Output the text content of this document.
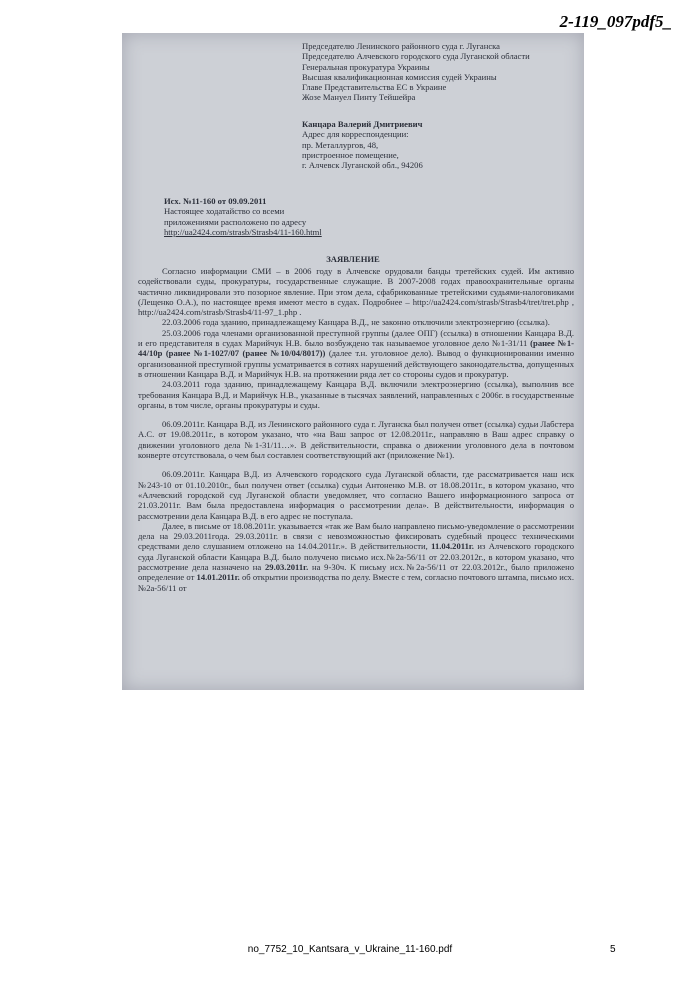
2-119_097pdf5_
Председателю Ленинского районного суда г. Луганска
Председателю Алчевского городского суда Луганской области
Генеральная прокуратура Украины
Высшая квалификационная комиссия судей Украины
Главе Представительства ЕС в Украине
Жозе Мануел Пинту Тейшейра
Канцара Валерий Дмитриевич
Адрес для корреспонденции:
пр. Металлургов, 48,
пристроенное помещение,
г. Алчевск Луганской обл., 94206
Исх. №11-160 от 09.09.2011
Настоящее ходатайство со всеми
приложениями расположено по адресу
http://ua2424.com/strasb/Strasb4/11-160.html
ЗАЯВЛЕНИЕ

Согласно информации СМИ – в 2006 году в Алчевске орудовали банды третейских судей. Им активно содействовали суды, прокуратуры, государственные служащие. В 2007-2008 годах правоохранительные органы частично ликвидировали это позорное явление. При этом дела, сфабрикованные третейскими судьями-налоговиками (Лещенко О.А.), по настоящее время имеют место в судах. Подробнее – http://ua2424.com/strasb/Strasb4/tret/tret.php , http://ua2424.com/strasb/Strasb4/11-97_1.php .

22.03.2006 года зданию, принадлежащему Канцара В.Д., не законно отключили электроэнергию (ссылка).

25.03.2006 года членами организованной преступной группы (далее ОПГ) (ссылка) в отношении Канцара В.Д. и его представителя в судах Марийчук Н.В. было возбуждено так называемое уголовное дело №1-31/11 (ранее №1-44/10р (ранее №1-1027/07 (ранее №10/04/8017)) (далее т.н. уголовное дело). Вывод о функционировании именно организованной преступной группы усматривается в сотнях нарушений действующего законодательства, допущенных в отношении Канцара В.Д. и Марийчук Н.В. на протяжении ряда лет со стороны судов и прокуратур.

24.03.2011 года зданию, принадлежащему Канцара В.Д. включили электроэнергию (ссылка), выполнив все требования Канцара В.Д. и Марийчук Н.В., указанные в тысячах заявлений, направленных с 2006г. в государственные органы, в том числе, органы прокуратуры и суды.

06.09.2011г. Канцара В.Д. из Ленинского районного суда г. Луганска был получен ответ (ссылка) судьи Лабстера А.С. от 19.08.2011г., в котором указано, что «на Ваш запрос от 12.08.2011г., направляю в Ваш адрес справку о движении уголовного дела №1-31/11…». В действительности, справка о движении уголовного дела в почтовом конверте отсутствовала, о чем был составлен соответствующий акт (приложение №1).

06.09.2011г. Канцара В.Д. из Алчевского городского суда Луганской области, где рассматривается наш иск №243-10 от 01.10.2010г., был получен ответ (ссылка) судьи Антоненко М.В. от 18.08.2011г., в котором указано, что «Алчевский городской суд Луганской области уведомляет, что согласно Вашего информационного запроса от 21.03.2011г. Вам была предоставлена информация о рассмотрении дела». В действительности, информация о рассмотрении дела Канцара В.Д. в его адрес не поступала.

Далее, в письме от 18.08.2011г. указывается «так же Вам было направлено письмо-уведомление о рассмотрении дела на 29.03.2011года. 29.03.2011г. в связи с невозможностью фиксировать судебный процесс техническими средствами дело слушанием отложено на 14.04.2011г.». В действительности, 11.04.2011г. из Алчевского городского суда Луганской области Канцара В.Д. было получено письмо исх.№2а-56/11 от 22.03.2012г., в котором указано, что рассмотрение дела назначено на 29.03.2011г. на 9-30ч. К письму исх.№2а-56/11 от 22.03.2012г., было приложено определение от 14.01.2011г. об открытии производства по делу. Вместе с тем, согласно почтового штампа, письмо исх.№2а-56/11 от

no_7752_10_Kantsara_v_Ukraine_11-160.pdf	5
